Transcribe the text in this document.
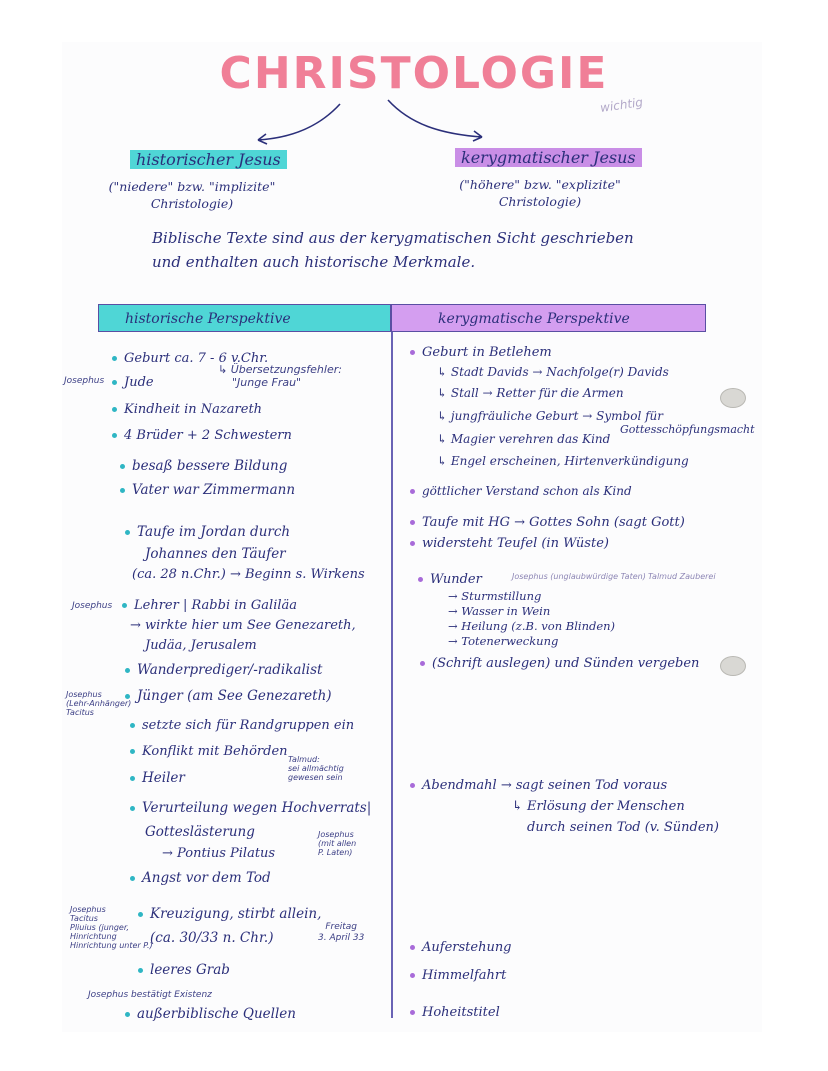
CHRISTOLOGIE
wichtig
historischer Jesus
("niedere" bzw. "implizite"
Christologie)
kerygmatischer Jesus
("höhere" bzw. "explizite"
Christologie)
Biblische Texte sind aus der kerygmatischen Sicht geschrieben
und enthalten auch historische Merkmale.
historische Perspektive	kerygmatische Perspektive
Geburt ca. 7 - 6 v.Chr.
Josephus	Jude
↳ Übersetzungsfehler:
"Junge Frau"
Kindheit in Nazareth
4 Brüder + 2 Schwestern
besaß bessere Bildung
Vater war Zimmermann
Taufe im Jordan durch
Johannes den Täufer
(ca. 28 n.Chr.) → Beginn s. Wirkens
Josephus	Lehrer | Rabbi in Galiläa
→ wirkte hier um See Genezareth,
Judäa, Jerusalem
Wanderprediger/-radikalist
Josephus
(Lehr-Anhänger)
Tacitus
Jünger (am See Genezareth)
setzte sich für Randgruppen ein
Konflikt mit Behörden
Talmud:
sei allmächtig
gewesen sein
Heiler
Verurteilung wegen Hochverrats|
Gotteslästerung
→ Pontius Pilatus
Josephus
(mit allen
P. Laten)
Angst vor dem Tod
Josephus
Tacitus
Pliuius (junger,
Hinrichtung
Hinrichtung unter P.)
Kreuzigung, stirbt allein,
(ca. 30/33 n. Chr.)
Freitag
3. April 33
leeres Grab
Josephus bestätigt Existenz
außerbiblische Quellen
Geburt in Betlehem
↳ Stadt Davids → Nachfolge(r) Davids
↳ Stall → Retter für die Armen
↳ jungfräuliche Geburt → Symbol für
Gottesschöpfungsmacht
↳ Magier verehren das Kind
↳ Engel erscheinen, Hirtenverkündigung
göttlicher Verstand schon als Kind
Taufe mit HG → Gottes Sohn (sagt Gott)
widersteht Teufel (in Wüste)
Wunder	Josephus (unglaubwürdige Taten) Talmud Zauberei
→ Sturmstillung
→ Wasser in Wein
→ Heilung (z.B. von Blinden)
→ Totenerweckung
(Schrift auslegen) und Sünden vergeben
Abendmahl → sagt seinen Tod voraus
↳ Erlösung der Menschen
durch seinen Tod (v. Sünden)
Auferstehung
Himmelfahrt
Hoheitstitel
